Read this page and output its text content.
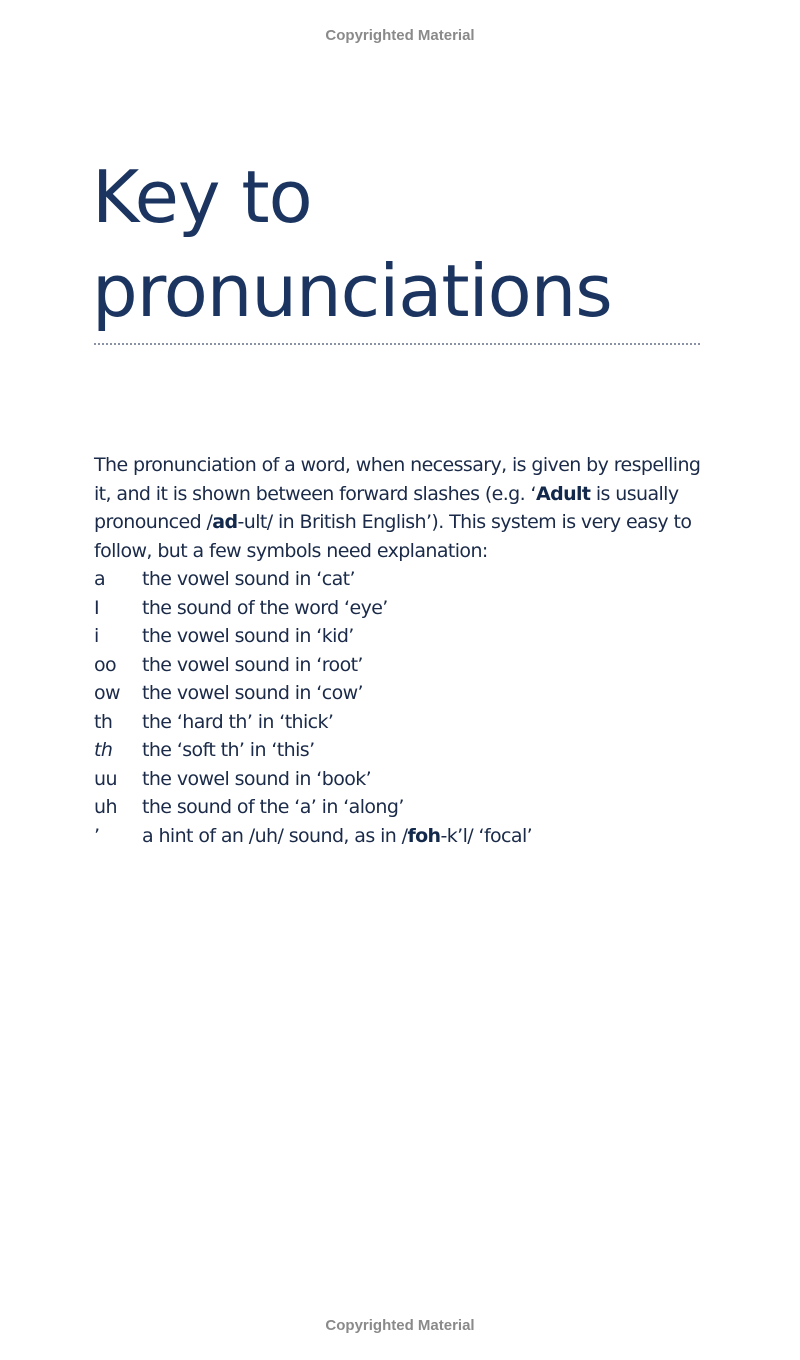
Copyrighted Material
Key to
pronunciations

The pronunciation of a word, when necessary, is given by respelling it, and it is shown between forward slashes (e.g. ‘Adult is usually pronounced /ad-ult/ in British English’). This system is very easy to follow, but a few symbols need explanation:

a	the vowel sound in ‘cat’
I	the sound of the word ‘eye’
i	the vowel sound in ‘kid’
oo	the vowel sound in ‘root’
ow	the vowel sound in ‘cow’
th	the ‘hard th’ in ‘thick’
th	the ‘soft th’ in ‘this’
uu	the vowel sound in ‘book’
uh	the sound of the ‘a’ in ‘along’
’	a hint of an /uh/ sound, as in /foh-k’l/ ‘focal’
Copyrighted Material
